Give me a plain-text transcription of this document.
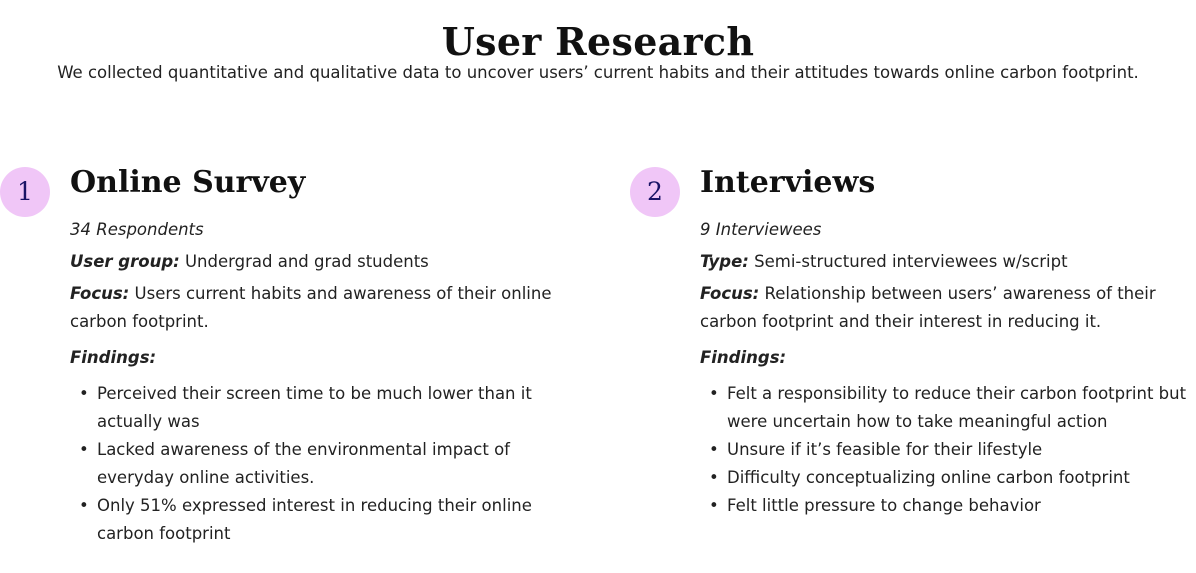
User Research
We collected quantitative and qualitative data to uncover users’ current habits and their attitudes towards online carbon footprint.
1	Online Survey
34 Respondents
User group: Undergrad and grad students
Focus: Users current habits and awareness of their online carbon footprint.
Findings:
• Perceived their screen time to be much lower than it actually was
• Lacked awareness of the environmental impact of everyday online activities.
• Only 51% expressed interest in reducing their online carbon footprint
2	Interviews
9 Interviewees
Type: Semi-structured interviewees w/script
Focus: Relationship between users’ awareness of their carbon footprint and their interest in reducing it.
Findings:
• Felt a responsibility to reduce their carbon footprint but were uncertain how to take meaningful action
• Unsure if it’s feasible for their lifestyle
• Difficulty conceptualizing online carbon footprint
• Felt little pressure to change behavior
